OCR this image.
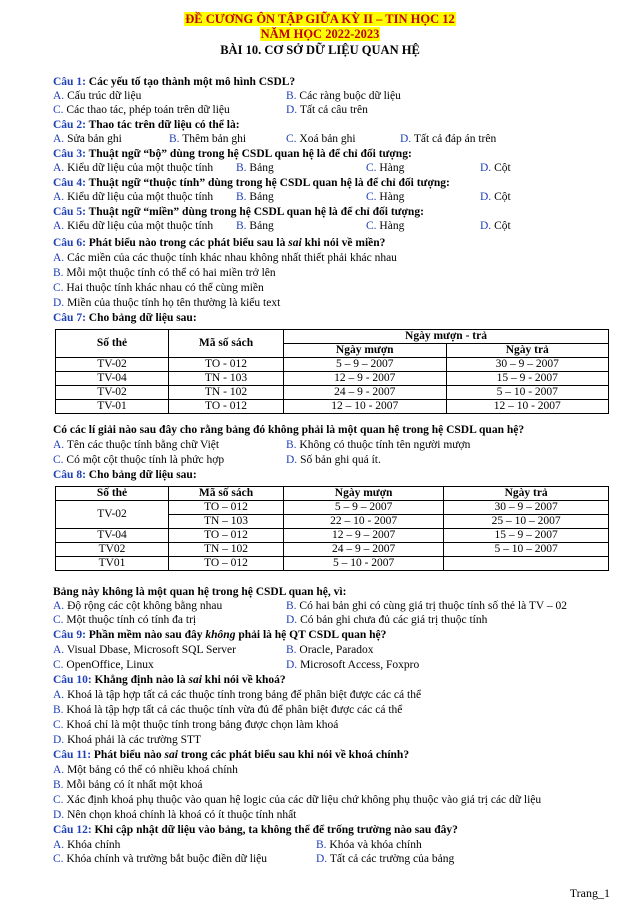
ĐỀ CƯƠNG ÔN TẬP GIỮA KỲ II – TIN HỌC 12
NĂM HỌC 2022-2023
BÀI 10. CƠ SỞ DỮ LIỆU QUAN HỆ
Câu 1: Các yếu tố tạo thành một mô hình CSDL?
A. Cấu trúc dữ liệu	B. Các ràng buộc dữ liệu
C. Các thao tác, phép toán trên dữ liệu	D. Tất cả câu trên
Câu 2: Thao tác trên dữ liệu có thể là:
A. Sửa bản ghi	B. Thêm bản ghi	C. Xoá bản ghi	D. Tất cả đáp án trên
Câu 3: Thuật ngữ “bộ” dùng trong hệ CSDL quan hệ là để chỉ đối tượng:
A. Kiểu dữ liệu của một thuộc tính B. Bảng	C. Hàng	D. Cột
Câu 4: Thuật ngữ “thuộc tính” dùng trong hệ CSDL quan hệ là để chỉ đối tượng:
A. Kiểu dữ liệu của một thuộc tính B. Bảng	C. Hàng	D. Cột
Câu 5: Thuật ngữ “miền” dùng trong hệ CSDL quan hệ là để chỉ đối tượng:
A. Kiểu dữ liệu của một thuộc tính B. Bảng	C. Hàng	D. Cột
Câu 6: Phát biểu nào trong các phát biểu sau là sai khi nói về miền?
A. Các miền của các thuộc tính khác nhau không nhất thiết phải khác nhau
B. Mỗi một thuộc tính có thể có hai miền trở lên
C. Hai thuộc tính khác nhau có thể cùng miền
D. Miền của thuộc tính họ tên thường là kiểu text
Câu 7: Cho bảng dữ liệu sau:
Số thẻ	Mã số sách	Ngày mượn - trả	
		Ngày mượn	Ngày trả
TV-02	TO - 012	5 – 9 – 2007	30 – 9 – 2007
TV-04	TN - 103	12 – 9 - 2007	15 – 9 - 2007
TV-02	TN - 102	24 – 9 - 2007	5 – 10 - 2007
TV-01	TO - 012	12 – 10 - 2007	12 – 10 - 2007
Có các lí giải nào sau đây cho rằng bảng đó không phải là một quan hệ trong hệ CSDL quan hệ?
A. Tên các thuộc tính bằng chữ Việt	B. Không có thuộc tính tên người mượn
C. Có một cột thuộc tính là phức hợp	D. Số bản ghi quá ít.
Câu 8: Cho bảng dữ liệu sau:
Số thẻ	Mã số sách	Ngày mượn	Ngày trả
TV-02	TO – 012	5 – 9 – 2007	30 – 9 – 2007
	TN – 103	22 – 10 - 2007	25 – 10 – 2007
TV-04	TO – 012	12 – 9 – 2007	15 – 9 – 2007
TV02	TN – 102	24 – 9 – 2007	5 – 10 – 2007
TV01	TO – 012	5 – 10 - 2007	
Bảng này không là một quan hệ trong hệ CSDL quan hệ, vì:
A. Độ rộng các cột không bằng nhau	B. Có hai bản ghi có cùng giá trị thuộc tính số thẻ là TV – 02
C. Một thuộc tính có tính đa trị	D. Có bản ghi chưa đủ các giá trị thuộc tính
Câu 9: Phần mềm nào sau đây không phải là hệ QT CSDL quan hệ?
A. Visual Dbase, Microsoft SQL Server	B. Oracle, Paradox
C. OpenOffice, Linux	D. Microsoft Access, Foxpro
Câu 10: Khẳng định nào là sai khi nói về khoá?
A. Khoá là tập hợp tất cả các thuộc tính trong bảng để phân biệt được các cá thể
B. Khoá là tập hợp tất cả các thuộc tính vừa đủ để phân biệt được các cá thể
C. Khoá chỉ là một thuộc tính trong bảng được chọn làm khoá
D. Khoá phải là các trường STT
Câu 11: Phát biểu nào sai trong các phát biểu sau khi nói về khoá chính?
A. Một bảng có thể có nhiều khoá chính
B. Mỗi bảng có ít nhất một khoá
C. Xác định khoá phụ thuộc vào quan hệ logic của các dữ liệu chứ không phụ thuộc vào giá trị các dữ liệu
D. Nên chọn khoá chính là khoá có ít thuộc tính nhất
Câu 12: Khi cập nhật dữ liệu vào bảng, ta không thể để trống trường nào sau đây?
A. Khóa chính	B. Khóa và khóa chính
C. Khóa chính và trường bắt buộc điền dữ liệu	D. Tất cả các trường của bảng
Trang_1
